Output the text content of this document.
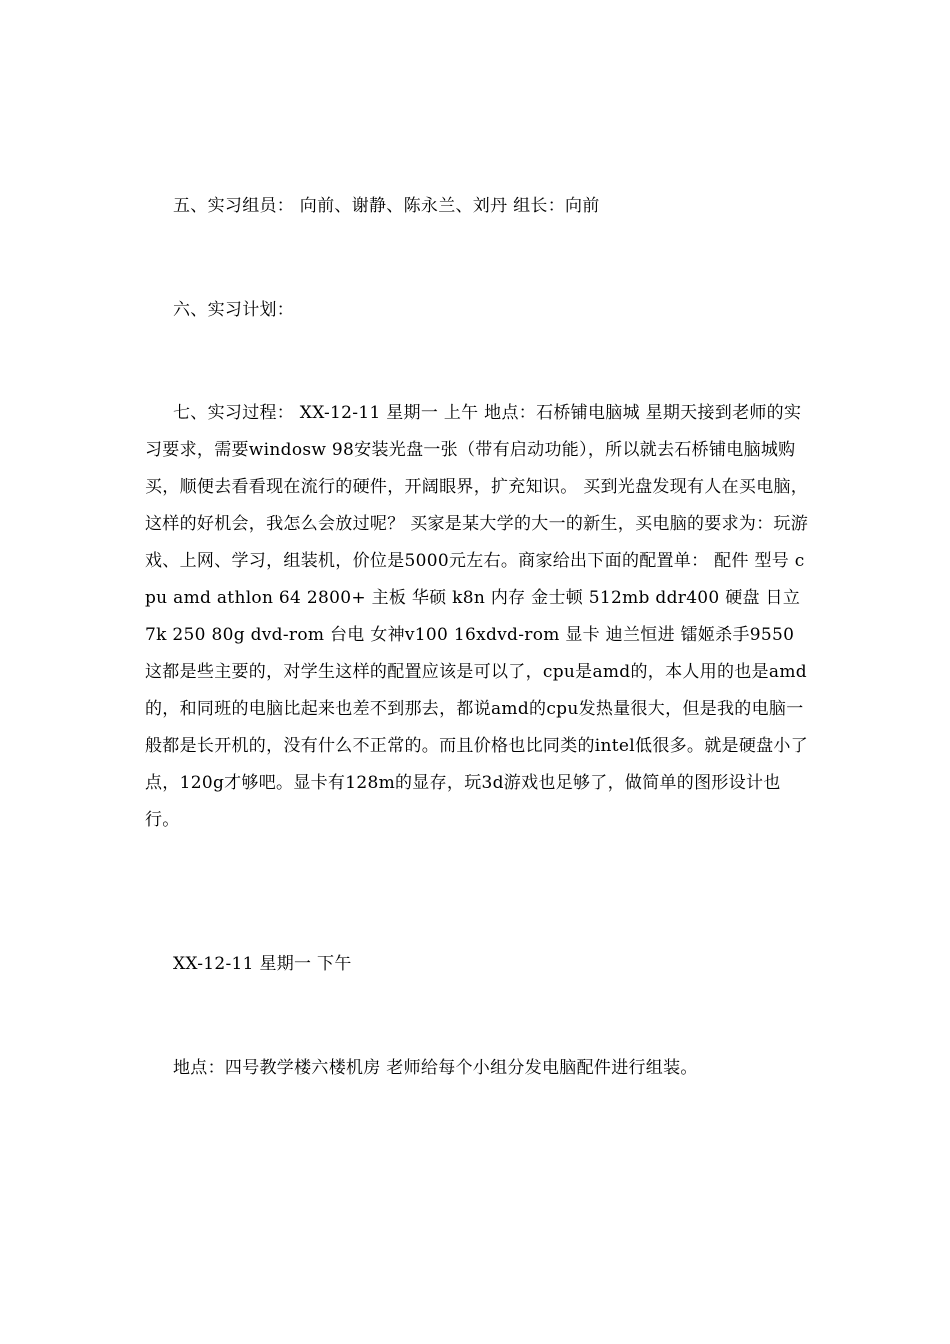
五、实习组员： 向前、谢静、陈永兰、刘丹 组长：向前

六、实习计划：

七、实习过程： XX-12-11 星期一 上午 地点：石桥铺电脑城 星期天接到老师的实习要求，需要windosw 98安装光盘一张（带有启动功能），所以就去石桥铺电脑城购买，顺便去看看现在流行的硬件，开阔眼界，扩充知识。 买到光盘发现有人在买电脑，这样的好机会，我怎么会放过呢？ 买家是某大学的大一的新生，买电脑的要求为：玩游戏、上网、学习，组装机，价位是5000元左右。商家给出下面的配置单： 配件 型号 cpu amd athlon 64 2800+ 主板 华硕 k8n 内存 金士顿 512mb ddr400 硬盘 日立7k 250 80g dvd-rom 台电 女神v100 16xdvd-rom 显卡 迪兰恒进 镭姬杀手9550 这都是些主要的，对学生这样的配置应该是可以了，cpu是amd的，本人用的也是amd的，和同班的电脑比起来也差不到那去，都说amd的cpu发热量很大，但是我的电脑一般都是长开机的，没有什么不正常的。而且价格也比同类的intel低很多。就是硬盘小了点，120g才够吧。显卡有128m的显存，玩3d游戏也足够了，做简单的图形设计也行。

XX-12-11 星期一 下午

地点：四号教学楼六楼机房 老师给每个小组分发电脑配件进行组装。
